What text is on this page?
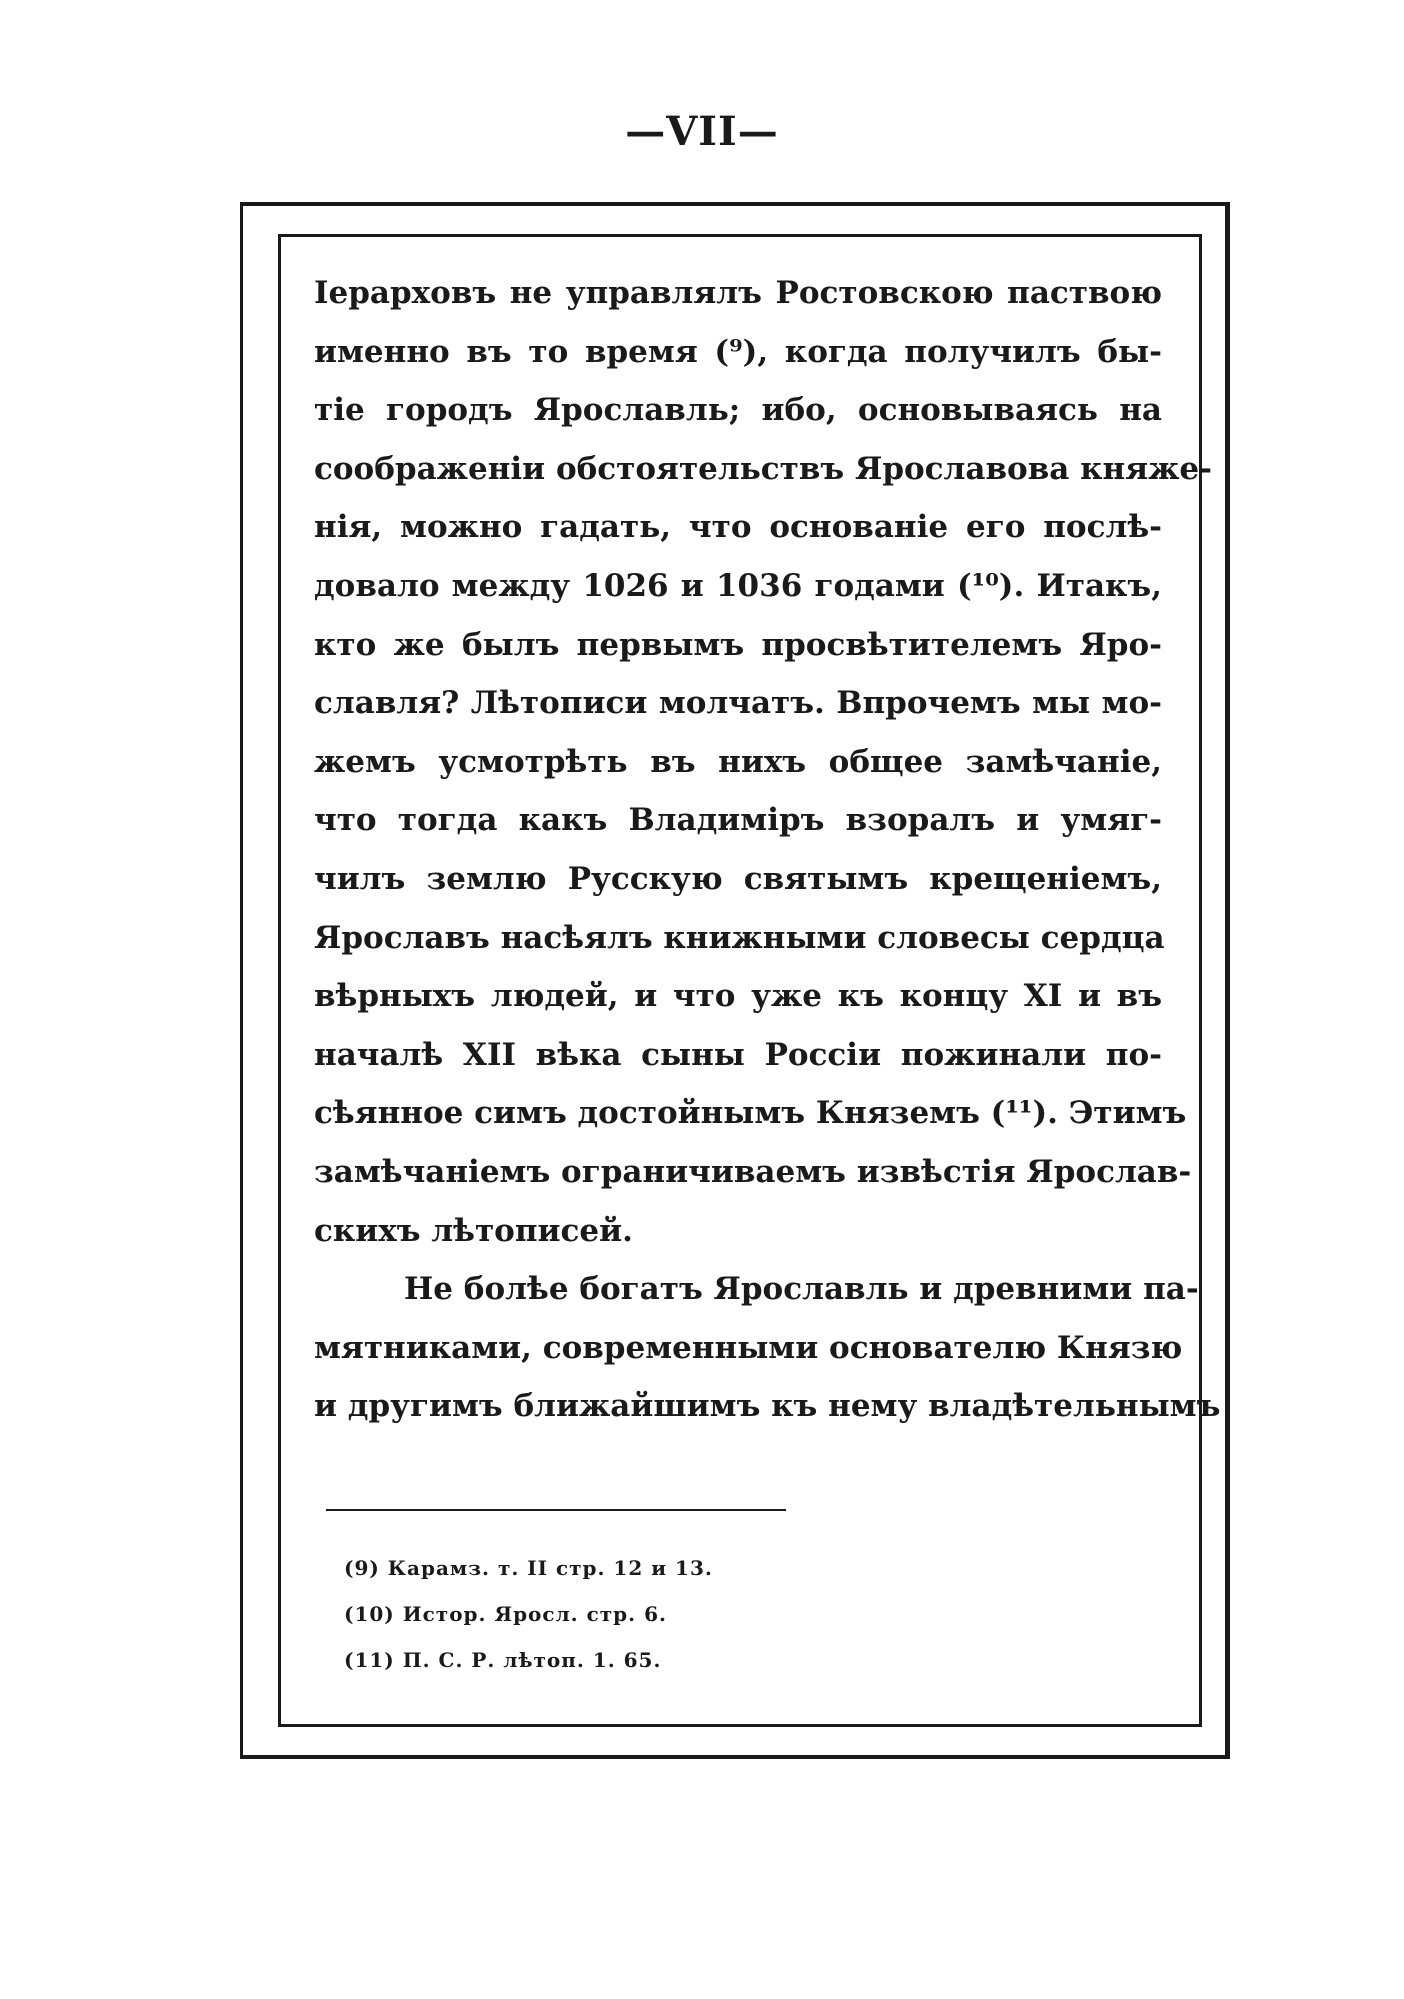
—VII—
Іерарховъ не управлялъ Ростовскою паствою
именно въ то время (⁹), когда получилъ бы-
тіе городъ Ярославль; ибо, основываясь на
соображеніи обстоятельствъ Ярославова княже-
нія, можно гадать, что основаніе его послѣ-
довало между 1026 и 1036 годами (¹⁰). Итакъ,
кто же былъ первымъ просвѣтителемъ Яро-
славля? Лѣтописи молчатъ. Впрочемъ мы мо-
жемъ усмотрѣть въ нихъ общее замѣчаніе,
что тогда какъ Владиміръ взоралъ и умяг-
чилъ землю Русскую святымъ крещеніемъ,
Ярославъ насѣялъ книжными словесы сердца
вѣрныхъ людей, и что уже къ концу XI и въ
началѣ XII вѣка сыны Россіи пожинали по-
сѣянное симъ достойнымъ Княземъ (¹¹). Этимъ
замѣчаніемъ ограничиваемъ извѣстія Ярослав-
скихъ лѣтописей.
Не болѣе богатъ Ярославль и древними па-
мятниками, современными основателю Князю
и другимъ ближайшимъ къ нему владѣтельнымъ
(9) Карамз. т. II стр. 12 и 13.
(10) Истор. Яросл. стр. 6.
(11) П. С. Р. лѣтоп. 1. 65.
